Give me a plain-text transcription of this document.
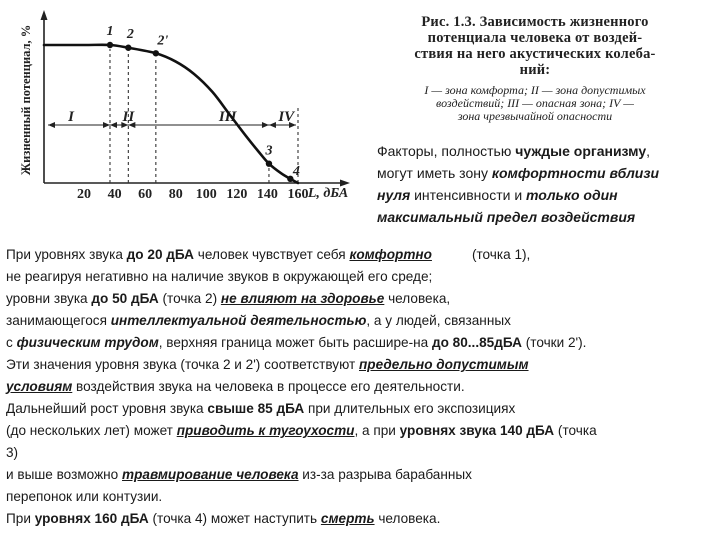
Жизненный потенциал, %
L, дБА
I	II	III	IV
1 2 2'
3
4
20 40 60 80 100 120 140 160
Рис. 1.3. Зависимость жизненного
потенциала человека от воздей-
ствия на него акустических колеба-
ний:
I — зона комфорта; II — зона допустимых
воздействий; III — опасная зона; IV —
зона чрезвычайной опасности
Факторы, полностью чуждые организму,
могут иметь зону комфортности вблизи
нуля интенсивности и только один
максимальный предел воздействия
При уровнях звука до 20 дБА человек чувствует себя комфортно	(точка 1),
не реагируя негативно на наличие звуков в окружающей его среде;
уровни звука до 50 дБА (точка 2) не влияют на здоровье человека,
занимающегося интеллектуальной деятельностью, а у людей, связанных
с физическим трудом, верхняя граница может быть расшире-на до 80...85дБА (точки 2').
Эти значения уровня звука (точка 2 и 2') соответствуют предельно допустимым
условиям воздействия звука на человека в процессе его деятельности.
Дальнейший рост уровня звука свыше 85 дБА при длительных его экспозициях
(до нескольких лет) может приводить к тугоухости, а при уровнях звука 140 дБА (точка
3)
и выше возможно травмирование человека из-за разрыва барабанных
перепонок или контузии.
При уровнях 160 дБА (точка 4) может наступить смерть человека.
